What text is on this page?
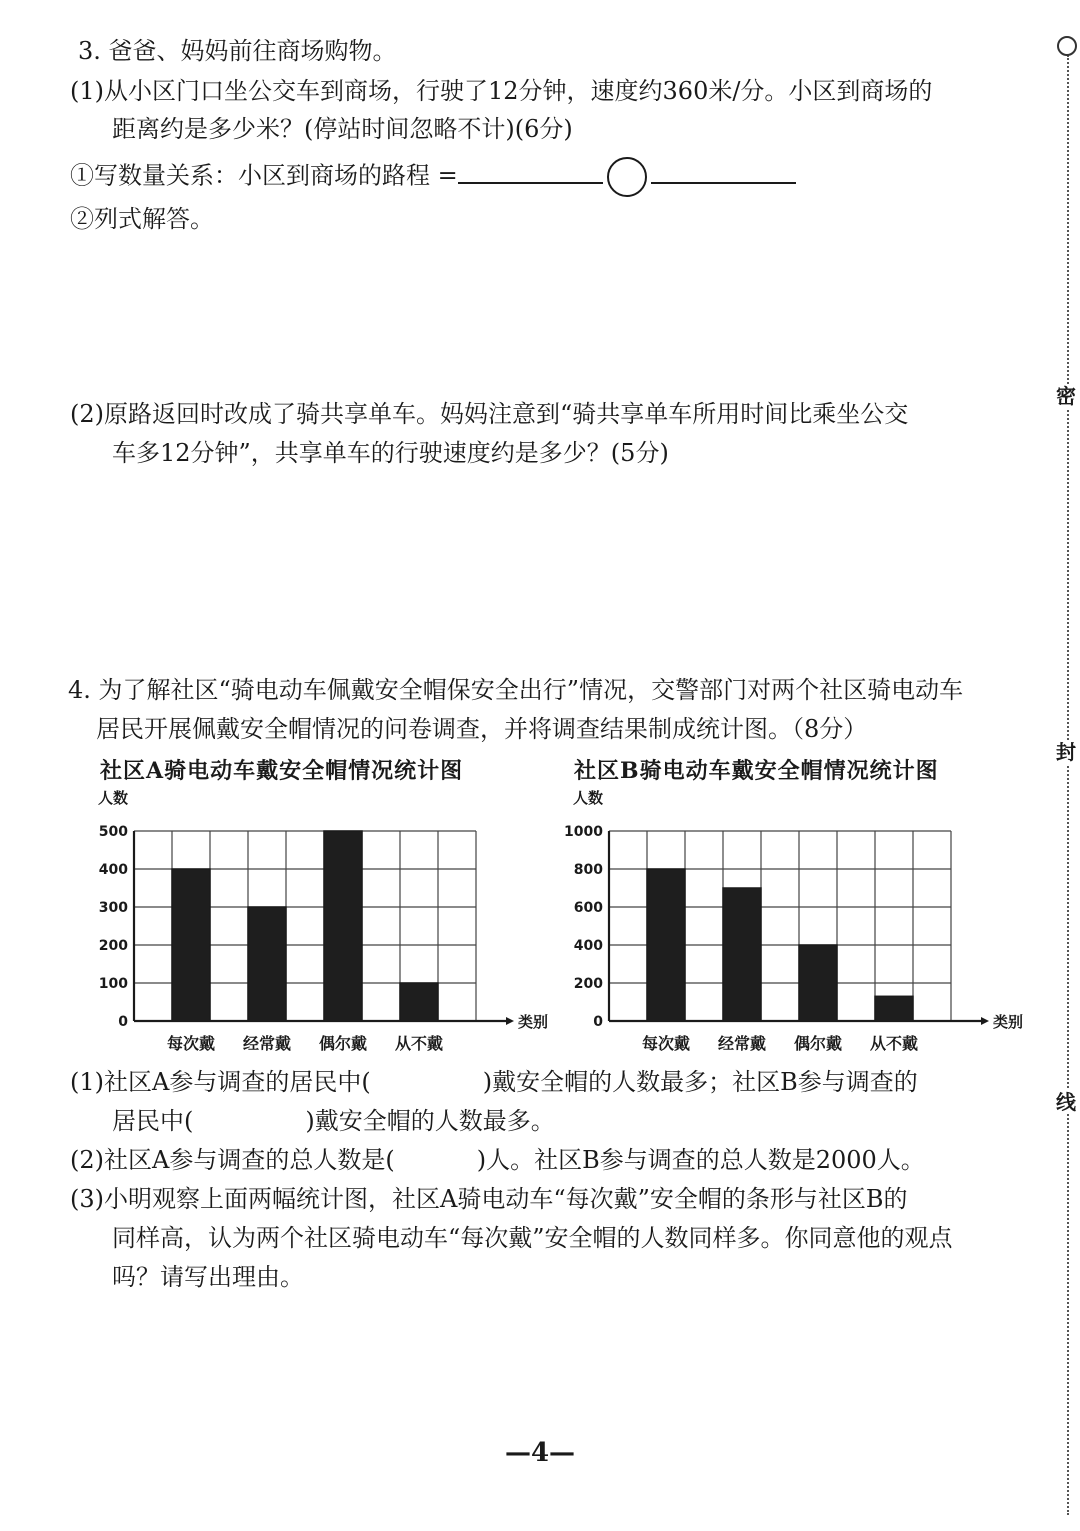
密
封
线
3. 爸爸、妈妈前往商场购物。
(1)从小区门口坐公交车到商场，行驶了12分钟，速度约360米/分。小区到商场的
距离约是多少米？(停站时间忽略不计)(6分)
①写数量关系：小区到商场的路程 =
②列式解答。
(2)原路返回时改成了骑共享单车。妈妈注意到“骑共享单车所用时间比乘坐公交
车多12分钟”，共享单车的行驶速度约是多少？(5分)
4. 为了解社区“骑电动车佩戴安全帽保安全出行”情况，交警部门对两个社区骑电动车
居民开展佩戴安全帽情况的问卷调查，并将调查结果制成统计图。（8分）
社区A骑电动车戴安全帽情况统计图	社区B骑电动车戴安全帽情况统计图
人数
类别
0
100
200
300
400
500
每次戴 经常戴 偶尔戴 从不戴
人数
类别
0
200
400
600
800
1000
每次戴 经常戴 偶尔戴 从不戴
(1)社区A参与调查的居民中(	)戴安全帽的人数最多；社区B参与调查的
居民中(	)戴安全帽的人数最多。
(2)社区A参与调查的总人数是(	)人。社区B参与调查的总人数是2000人。
(3)小明观察上面两幅统计图，社区A骑电动车“每次戴”安全帽的条形与社区B的
同样高，认为两个社区骑电动车“每次戴”安全帽的人数同样多。你同意他的观点
吗？请写出理由。
—4—
